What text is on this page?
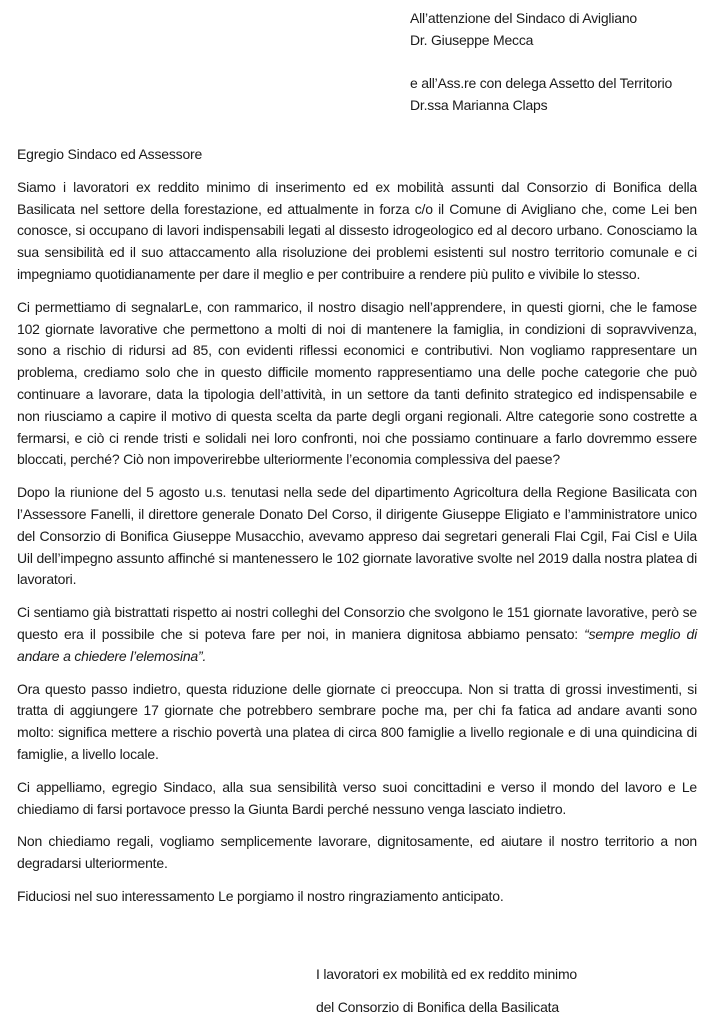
All’attenzione del Sindaco di Avigliano
Dr. Giuseppe Mecca
e all’Ass.re con delega Assetto del Territorio
Dr.ssa Marianna Claps

Egregio Sindaco ed Assessore

Siamo i lavoratori ex reddito minimo di inserimento ed ex mobilità assunti dal Consorzio di Bonifica della Basilicata nel settore della forestazione, ed attualmente in forza c/o il Comune di Avigliano che, come Lei ben conosce, si occupano di lavori indispensabili legati al dissesto idrogeologico ed al decoro urbano. Conosciamo la sua sensibilità ed il suo attaccamento alla risoluzione dei problemi esistenti sul nostro territorio comunale e ci impegniamo quotidianamente per dare il meglio e per contribuire a rendere più pulito e vivibile lo stesso.

Ci permettiamo di segnalarLe, con rammarico, il nostro disagio nell’apprendere, in questi giorni, che le famose 102 giornate lavorative che permettono a molti di noi di mantenere la famiglia, in condizioni di sopravvivenza, sono a rischio di ridursi ad 85, con evidenti riflessi economici e contributivi. Non vogliamo rappresentare un problema, crediamo solo che in questo difficile momento rappresentiamo una delle poche categorie che può continuare a lavorare, data la tipologia dell’attività, in un settore da tanti definito strategico ed indispensabile e non riusciamo a capire il motivo di questa scelta da parte degli organi regionali. Altre categorie sono costrette a fermarsi, e ciò ci rende tristi e solidali nei loro confronti, noi che possiamo continuare a farlo dovremmo essere bloccati, perché? Ciò non impoverirebbe ulteriormente l’economia complessiva del paese?

Dopo la riunione del 5 agosto u.s. tenutasi nella sede del dipartimento Agricoltura della Regione Basilicata con l’Assessore Fanelli, il direttore generale Donato Del Corso, il dirigente Giuseppe Eligiato e l’amministratore unico del Consorzio di Bonifica Giuseppe Musacchio, avevamo appreso dai segretari generali Flai Cgil, Fai Cisl e Uila Uil dell’impegno assunto affinché si mantenessero le 102 giornate lavorative svolte nel 2019 dalla nostra platea di lavoratori.

Ci sentiamo già bistrattati rispetto ai nostri colleghi del Consorzio che svolgono le 151 giornate lavorative, però se questo era il possibile che si poteva fare per noi, in maniera dignitosa abbiamo pensato: “sempre meglio di andare a chiedere l’elemosina”.

Ora questo passo indietro, questa riduzione delle giornate ci preoccupa. Non si tratta di grossi investimenti, si tratta di aggiungere 17 giornate che potrebbero sembrare poche ma, per chi fa fatica ad andare avanti sono molto: significa mettere a rischio povertà una platea di circa 800 famiglie a livello regionale e di una quindicina di famiglie, a livello locale.

Ci appelliamo, egregio Sindaco, alla sua sensibilità verso suoi concittadini e verso il mondo del lavoro e Le chiediamo di farsi portavoce presso la Giunta Bardi perché nessuno venga lasciato indietro.

Non chiediamo regali, vogliamo semplicemente lavorare, dignitosamente, ed aiutare il nostro territorio a non degradarsi ulteriormente.

Fiduciosi nel suo interessamento Le porgiamo il nostro ringraziamento anticipato.

I lavoratori ex mobilità ed ex reddito minimo
del Consorzio di Bonifica della Basilicata
